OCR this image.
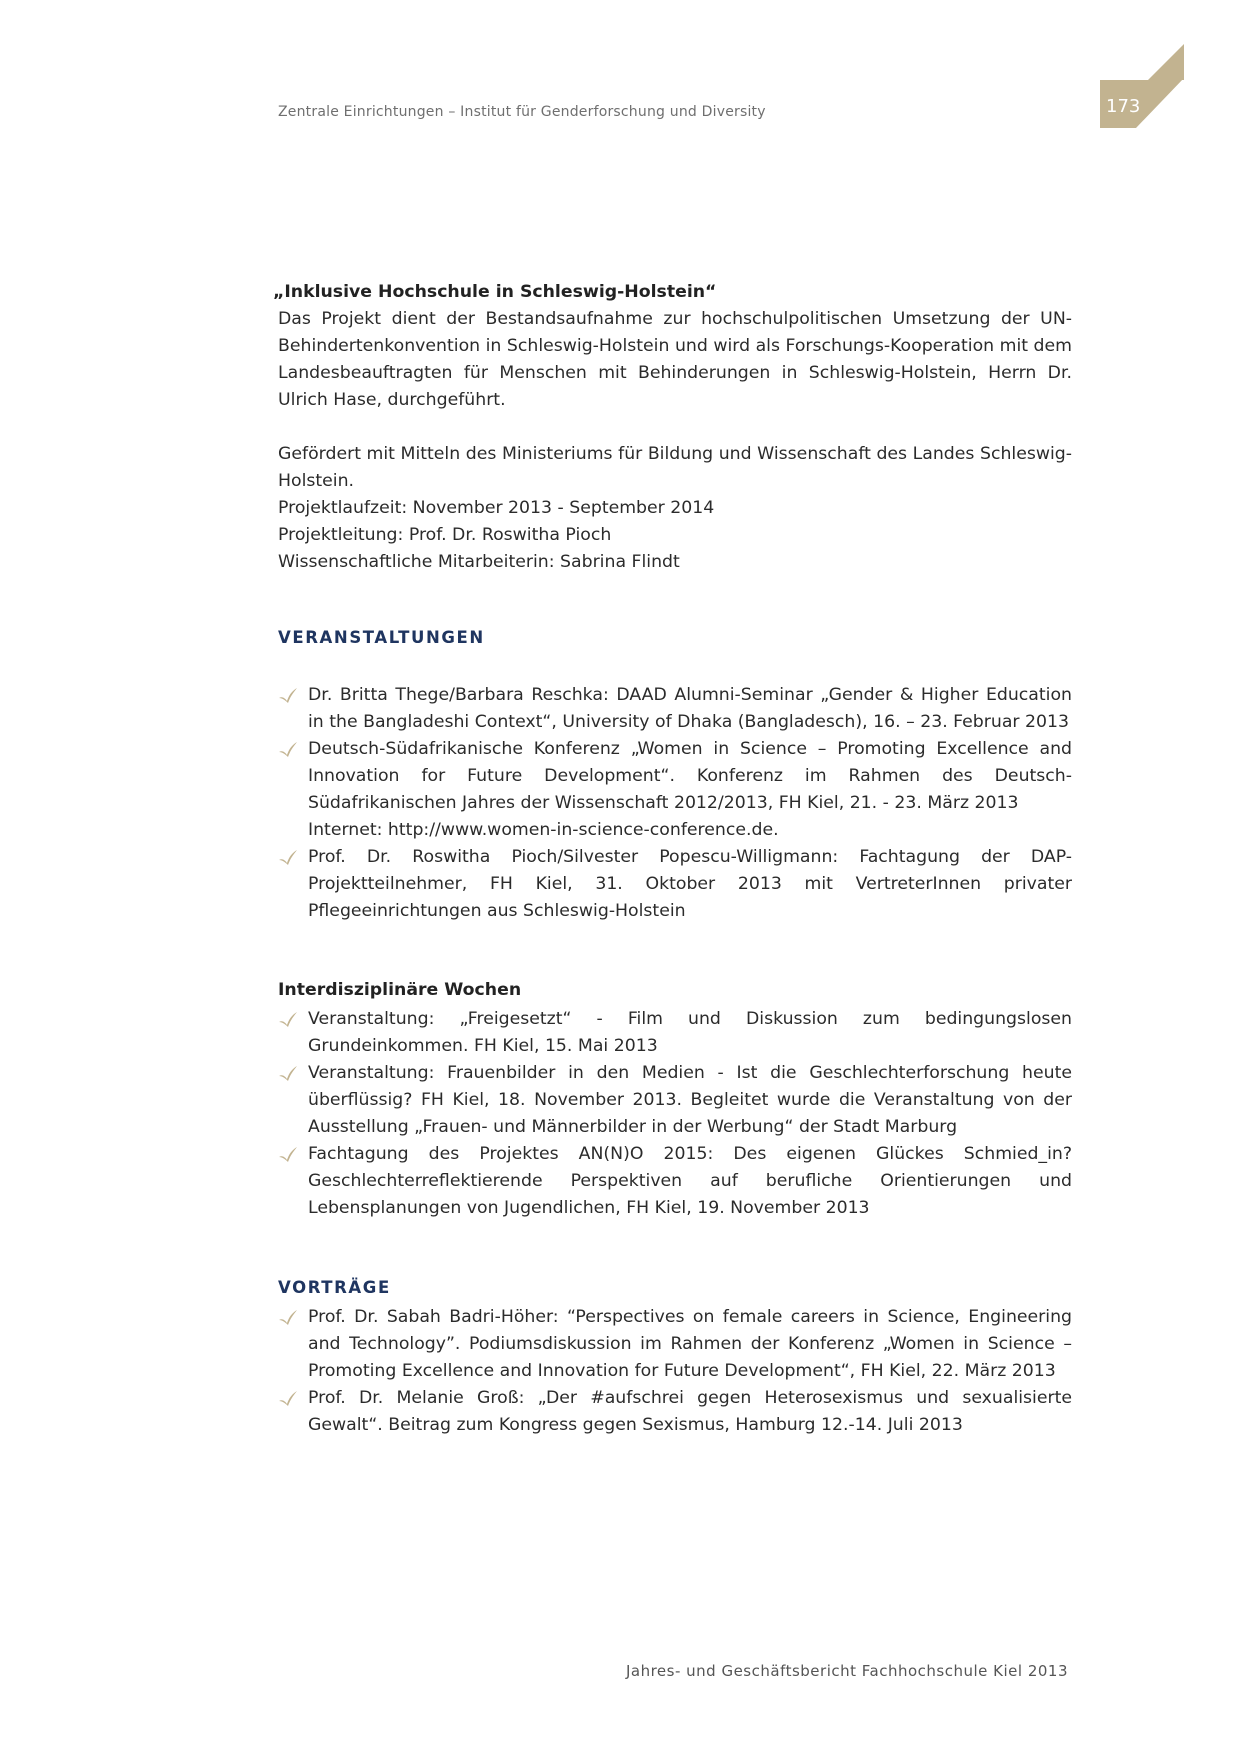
Zentrale Einrichtungen – Institut für Genderforschung und Diversity	173
„Inklusive Hochschule in Schleswig-Holstein“
Das Projekt dient der Bestandsaufnahme zur hochschulpolitischen Umsetzung der UN-Behindertenkonvention in Schleswig-Holstein und wird als Forschungs-Kooperation mit dem Landesbeauftragten für Menschen mit Behinderungen in Schleswig-Holstein, Herrn Dr. Ulrich Hase, durchgeführt.
Gefördert mit Mitteln des Ministeriums für Bildung und Wissenschaft des Landes Schleswig-Holstein.
Projektlaufzeit: November 2013 - September 2014
Projektleitung: Prof. Dr. Roswitha Pioch
Wissenschaftliche Mitarbeiterin: Sabrina Flindt
VERANSTALTUNGEN
Dr. Britta Thege/Barbara Reschka: DAAD Alumni-Seminar „Gender & Higher Education in the Bangladeshi Context“, University of Dhaka (Bangladesch), 16. – 23. Februar 2013
Deutsch-Südafrikanische Konferenz „Women in Science – Promoting Excellence and Innovation for Future Development“. Konferenz im Rahmen des Deutsch-Südafrikanischen Jahres der Wissenschaft 2012/2013, FH Kiel, 21. - 23. März 2013
Internet: http://www.women-in-science-conference.de.
Prof. Dr. Roswitha Pioch/Silvester Popescu-Willigmann: Fachtagung der DAP-Projektteilnehmer, FH Kiel, 31. Oktober 2013 mit VertreterInnen privater Pflegeeinrichtungen aus Schleswig-Holstein
Interdisziplinäre Wochen
Veranstaltung: „Freigesetzt“ - Film und Diskussion zum bedingungslosen Grundeinkommen. FH Kiel, 15. Mai 2013
Veranstaltung: Frauenbilder in den Medien - Ist die Geschlechterforschung heute überflüssig? FH Kiel, 18. November 2013. Begleitet wurde die Veranstaltung von der Ausstellung „Frauen- und Männerbilder in der Werbung“ der Stadt Marburg
Fachtagung des Projektes AN(N)O 2015: Des eigenen Glückes Schmied_in? Geschlechterreflektierende Perspektiven auf berufliche Orientierungen und Lebensplanungen von Jugendlichen, FH Kiel, 19. November 2013
VORTRÄGE
Prof. Dr. Sabah Badri-Höher: “Perspectives on female careers in Science, Engineering and Technology”. Podiumsdiskussion im Rahmen der Konferenz „Women in Science – Promoting Excellence and Innovation for Future Development“, FH Kiel, 22. März 2013
Prof. Dr. Melanie Groß: „Der #aufschrei gegen Heterosexismus und sexualisierte Gewalt“. Beitrag zum Kongress gegen Sexismus, Hamburg 12.-14. Juli 2013
Jahres- und Geschäftsbericht Fachhochschule Kiel 2013
